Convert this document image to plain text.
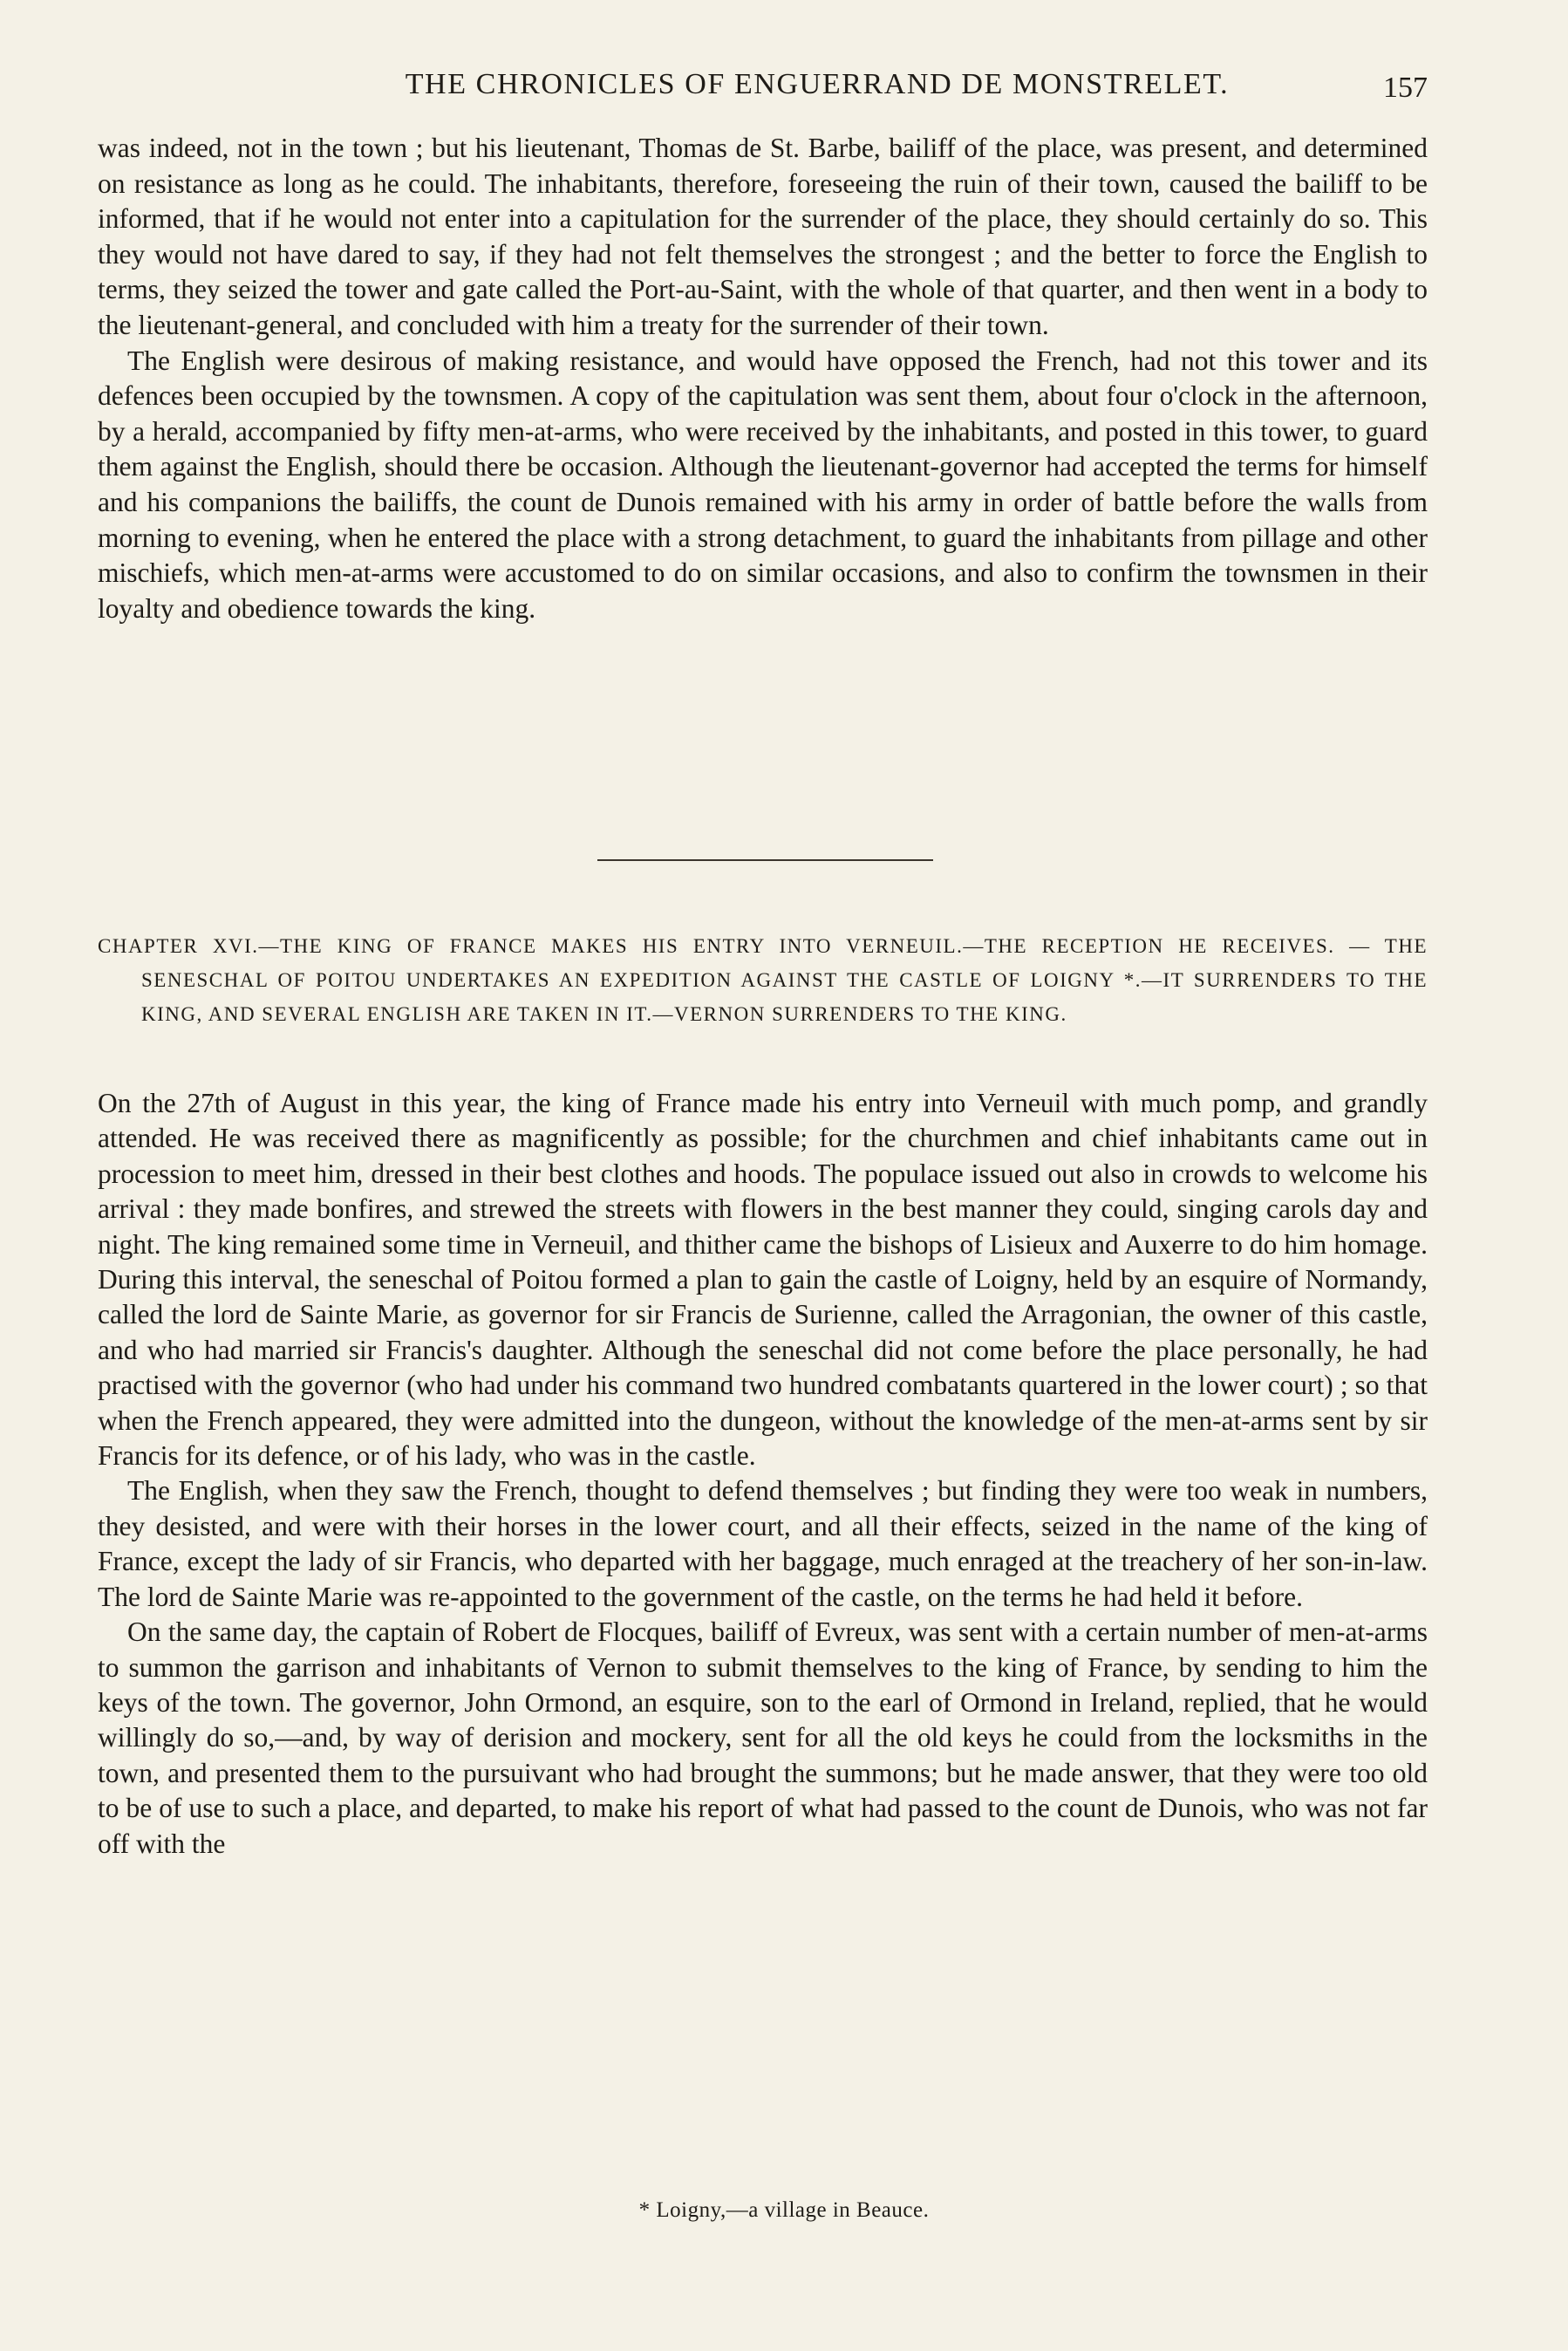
THE CHRONICLES OF ENGUERRAND DE MONSTRELET.	157

was indeed, not in the town ; but his lieutenant, Thomas de St. Barbe, bailiff of the place, was present, and determined on resistance as long as he could. The inhabitants, therefore, foreseeing the ruin of their town, caused the bailiff to be informed, that if he would not enter into a capitulation for the surrender of the place, they should certainly do so. This they would not have dared to say, if they had not felt themselves the strongest ; and the better to force the English to terms, they seized the tower and gate called the Port-au-Saint, with the whole of that quarter, and then went in a body to the lieutenant-general, and concluded with him a treaty for the surrender of their town.

The English were desirous of making resistance, and would have opposed the French, had not this tower and its defences been occupied by the townsmen. A copy of the capitulation was sent them, about four o'clock in the afternoon, by a herald, accompanied by fifty men-at-arms, who were received by the inhabitants, and posted in this tower, to guard them against the English, should there be occasion. Although the lieutenant-governor had accepted the terms for himself and his companions the bailiffs, the count de Dunois remained with his army in order of battle before the walls from morning to evening, when he entered the place with a strong detachment, to guard the inhabitants from pillage and other mischiefs, which men-at-arms were accustomed to do on similar occasions, and also to confirm the townsmen in their loyalty and obedience towards the king.

CHAPTER XVI.—THE KING OF FRANCE MAKES HIS ENTRY INTO VERNEUIL.—THE RECEPTION HE RECEIVES. — THE SENESCHAL OF POITOU UNDERTAKES AN EXPEDITION AGAINST THE CASTLE OF LOIGNY *.—IT SURRENDERS TO THE KING, AND SEVERAL ENGLISH ARE TAKEN IN IT.—VERNON SURRENDERS TO THE KING.

On the 27th of August in this year, the king of France made his entry into Verneuil with much pomp, and grandly attended. He was received there as magnificently as possible; for the churchmen and chief inhabitants came out in procession to meet him, dressed in their best clothes and hoods. The populace issued out also in crowds to welcome his arrival : they made bonfires, and strewed the streets with flowers in the best manner they could, singing carols day and night. The king remained some time in Verneuil, and thither came the bishops of Lisieux and Auxerre to do him homage. During this interval, the seneschal of Poitou formed a plan to gain the castle of Loigny, held by an esquire of Normandy, called the lord de Sainte Marie, as governor for sir Francis de Surienne, called the Arragonian, the owner of this castle, and who had married sir Francis's daughter. Although the seneschal did not come before the place personally, he had practised with the governor (who had under his command two hundred combatants quartered in the lower court) ; so that when the French appeared, they were admitted into the dungeon, without the knowledge of the men-at-arms sent by sir Francis for its defence, or of his lady, who was in the castle.

The English, when they saw the French, thought to defend themselves ; but finding they were too weak in numbers, they desisted, and were with their horses in the lower court, and all their effects, seized in the name of the king of France, except the lady of sir Francis, who departed with her baggage, much enraged at the treachery of her son-in-law. The lord de Sainte Marie was re-appointed to the government of the castle, on the terms he had held it before.

On the same day, the captain of Robert de Flocques, bailiff of Evreux, was sent with a certain number of men-at-arms to summon the garrison and inhabitants of Vernon to submit themselves to the king of France, by sending to him the keys of the town. The governor, John Ormond, an esquire, son to the earl of Ormond in Ireland, replied, that he would willingly do so,—and, by way of derision and mockery, sent for all the old keys he could from the locksmiths in the town, and presented them to the pursuivant who had brought the summons; but he made answer, that they were too old to be of use to such a place, and departed, to make his report of what had passed to the count de Dunois, who was not far off with the

* Loigny,—a village in Beauce.
